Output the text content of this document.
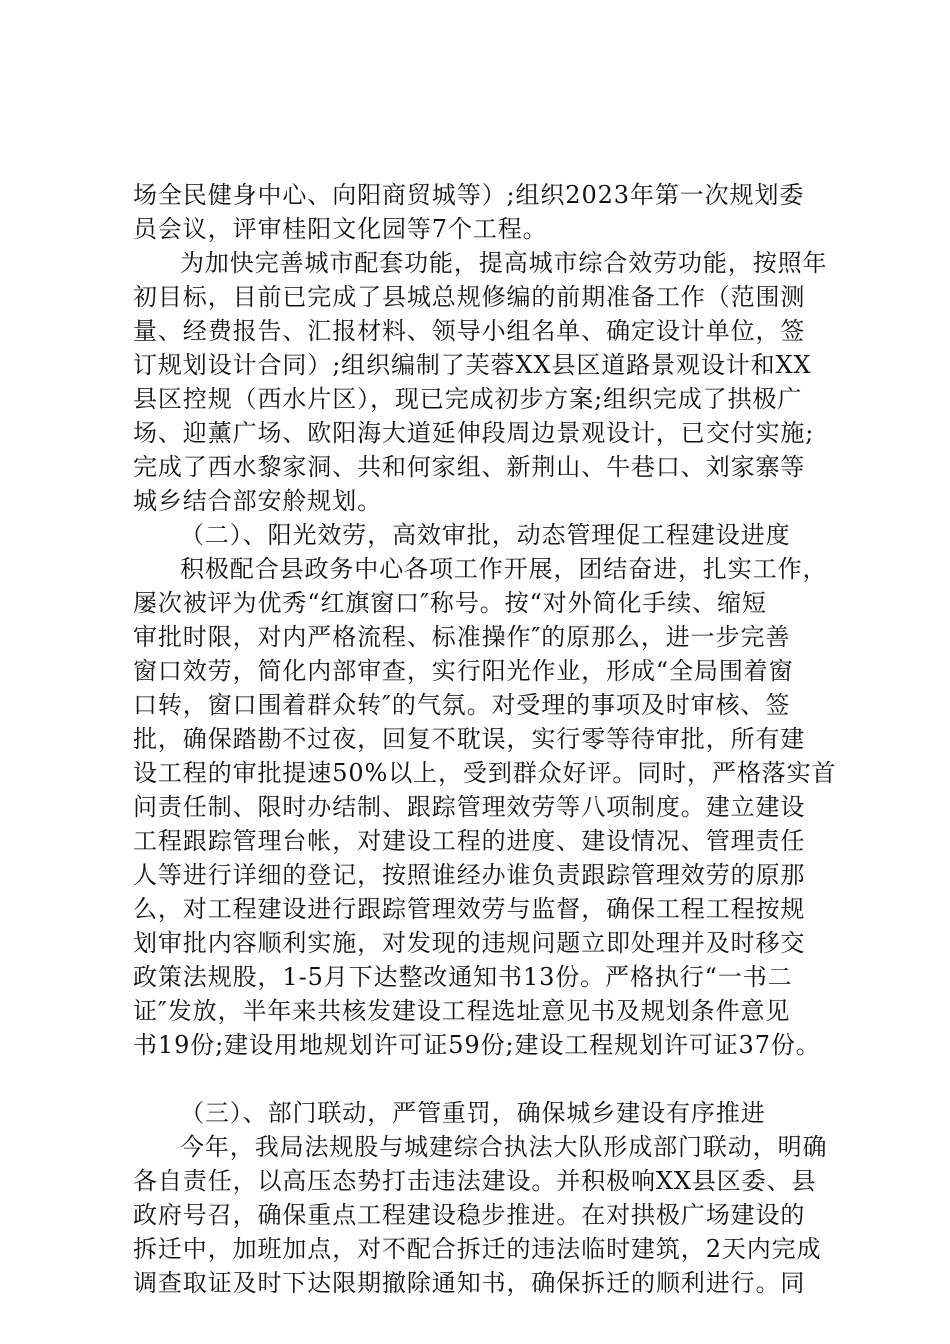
场全民健身中心、向阳商贸城等）;组织2023年第一次规划委
员会议，评审桂阳文化园等7个工程。
为加快完善城市配套功能，提高城市综合效劳功能，按照年
初目标，目前已完成了县城总规修编的前期准备工作（范围测
量、经费报告、汇报材料、领导小组名单、确定设计单位，签
订规划设计合同）;组织编制了芙蓉XX县区道路景观设计和XX
县区控规（西水片区），现已完成初步方案;组织完成了拱极广
场、迎薰广场、欧阳海大道延伸段周边景观设计，已交付实施;
完成了西水黎家洞、共和何家组、新荆山、牛巷口、刘家寨等
城乡结合部安舲规划。
（二）、阳光效劳，高效审批，动态管理促工程建设进度
积极配合县政务中心各项工作开展，团结奋进，扎实工作，
屡次被评为优秀“红旗窗口″称号。按“对外简化手续、缩短
审批时限，对内严格流程、标准操作″的原那么，进一步完善
窗口效劳，简化内部审查，实行阳光作业，形成“全局围着窗
口转，窗口围着群众转″的气氛。对受理的事项及时审核、签
批，确保踏勘不过夜，回复不耽误，实行零等待审批，所有建
设工程的审批提速50%以上，受到群众好评。同时，严格落实首
问责任制、限时办结制、跟踪管理效劳等八项制度。建立建设
工程跟踪管理台帐，对建设工程的进度、建设情况、管理责任
人等进行详细的登记，按照谁经办谁负责跟踪管理效劳的原那
么，对工程建设进行跟踪管理效劳与监督，确保工程工程按规
划审批内容顺利实施，对发现的违规问题立即处理并及时移交
政策法规股，1-5月下达整改通知书13份。严格执行“一书二
证″发放，半年来共核发建设工程选址意见书及规划条件意见
书19份;建设用地规划许可证59份;建设工程规划许可证37份。
（三）、部门联动，严管重罚，确保城乡建设有序推进
今年，我局法规股与城建综合执法大队形成部门联动，明确
各自责任，以高压态势打击违法建设。并积极响XX县区委、县
政府号召，确保重点工程建设稳步推进。在对拱极广场建设的
拆迁中，加班加点，对不配合拆迁的违法临时建筑，2天内完成
调查取证及时下达限期撤除通知书，确保拆迁的顺利进行。同
